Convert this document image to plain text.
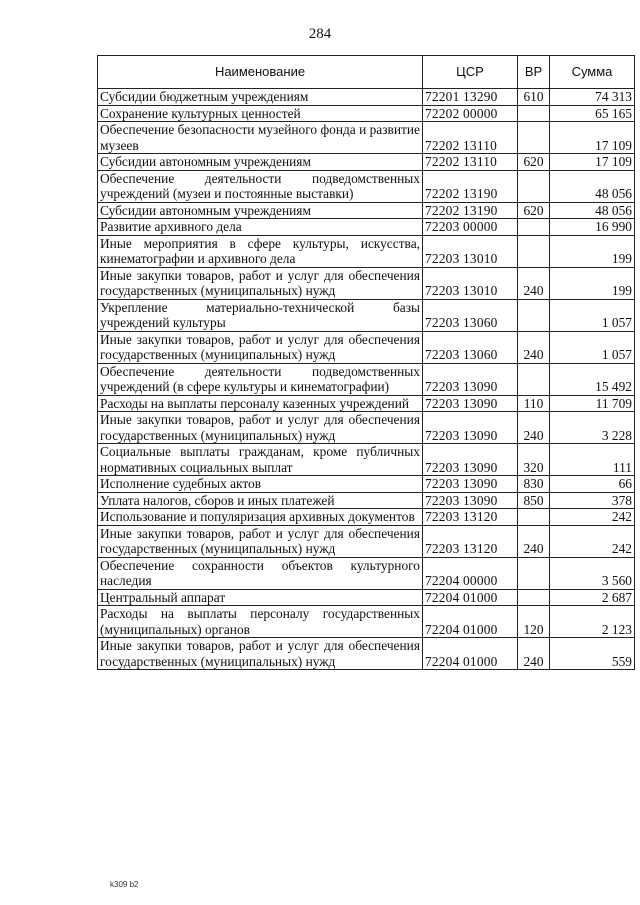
284
Наименование	ЦСР	ВР	Сумма
Субсидии бюджетным учреждениям	72201 13290	610	74 313
Сохранение культурных ценностей	72202 00000		65 165
Обеспечение безопасности музейного фонда и развитие музеев	72202 13110		17 109
Субсидии автономным учреждениям	72202 13110	620	17 109
Обеспечение деятельности подведомственных учреждений (музеи и постоянные выставки)	72202 13190		48 056
Субсидии автономным учреждениям	72202 13190	620	48 056
Развитие архивного дела	72203 00000		16 990
Иные мероприятия в сфере культуры, искусства, кинематографии и архивного дела	72203 13010		199
Иные закупки товаров, работ и услуг для обеспечения государственных (муниципальных) нужд	72203 13010	240	199
Укрепление материально-технической базы учреждений культуры	72203 13060		1 057
Иные закупки товаров, работ и услуг для обеспечения государственных (муниципальных) нужд	72203 13060	240	1 057
Обеспечение деятельности подведомственных учреждений (в сфере культуры и кинематографии)	72203 13090		15 492
Расходы на выплаты персоналу казенных учреждений	72203 13090	110	11 709
Иные закупки товаров, работ и услуг для обеспечения государственных (муниципальных) нужд	72203 13090	240	3 228
Социальные выплаты гражданам, кроме публичных нормативных социальных выплат	72203 13090	320	111
Исполнение судебных актов	72203 13090	830	66
Уплата налогов, сборов и иных платежей	72203 13090	850	378
Использование и популяризация архивных документов	72203 13120		242
Иные закупки товаров, работ и услуг для обеспечения государственных (муниципальных) нужд	72203 13120	240	242
Обеспечение сохранности объектов культурного наследия	72204 00000		3 560
Центральный аппарат	72204 01000		2 687
Расходы на выплаты персоналу государственных (муниципальных) органов	72204 01000	120	2 123
Иные закупки товаров, работ и услуг для обеспечения государственных (муниципальных) нужд	72204 01000	240	559
k309 b2
